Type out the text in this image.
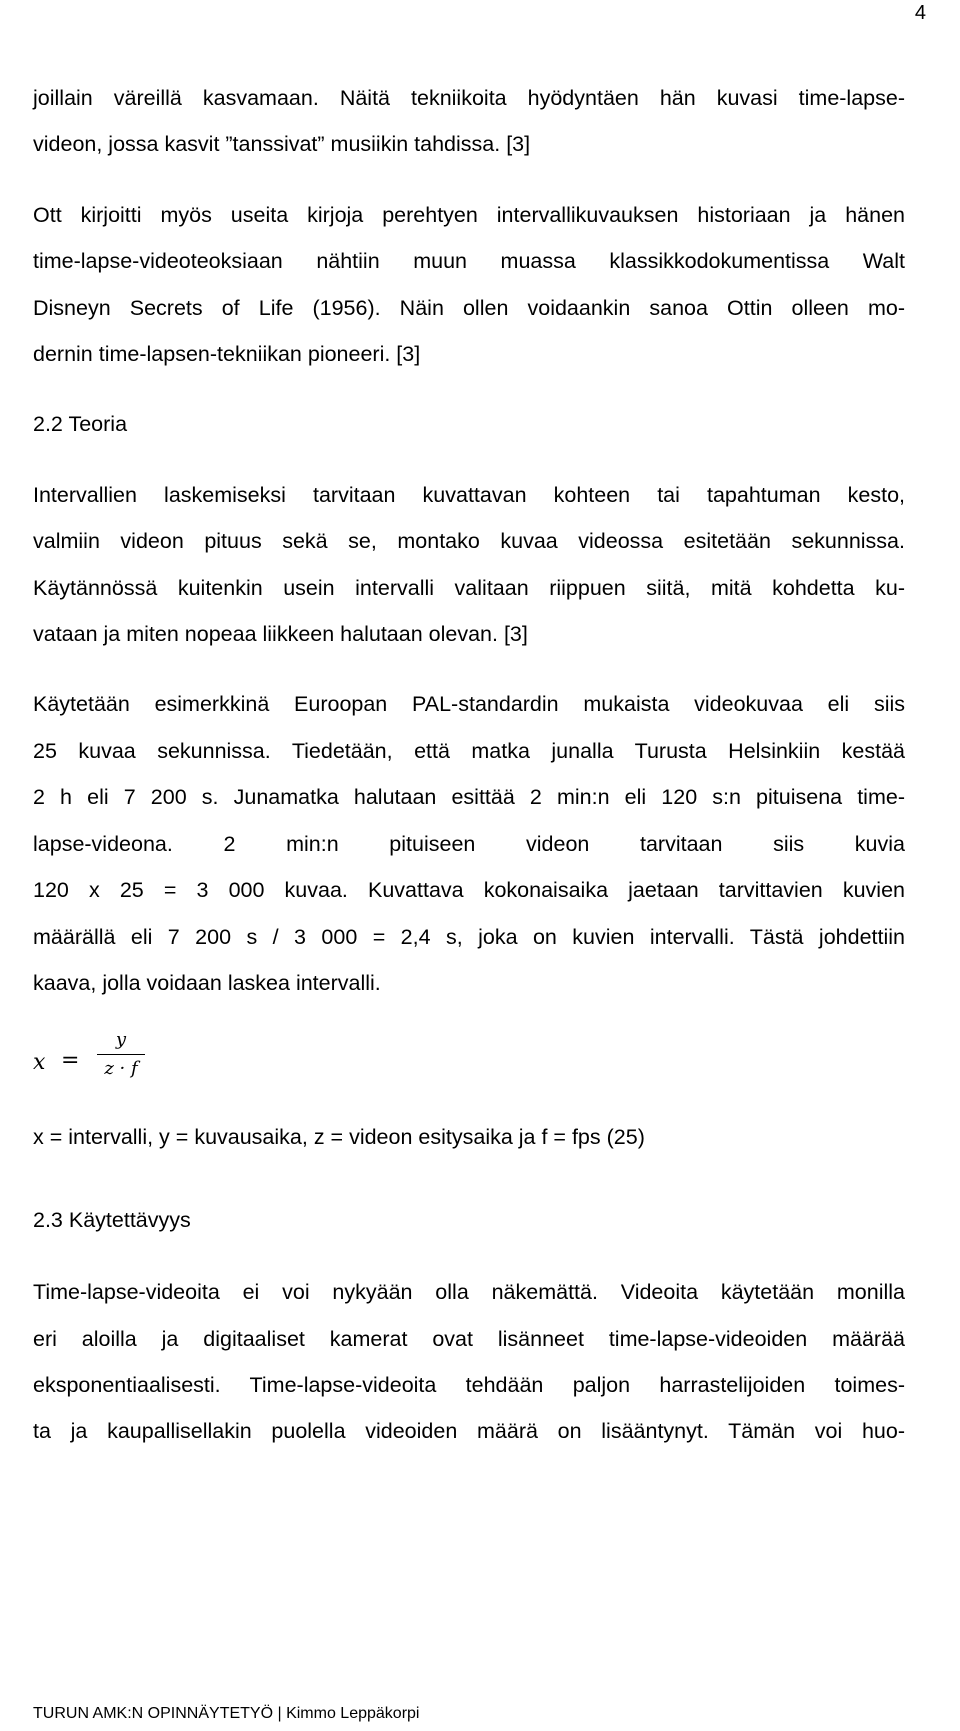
4
joillain väreillä kasvamaan. Näitä tekniikoita hyödyntäen hän kuvasi time-lapse-
videon, jossa kasvit ”tanssivat” musiikin tahdissa. [3]
Ott kirjoitti myös useita kirjoja perehtyen intervallikuvauksen historiaan ja hänen
time-lapse-videoteoksiaan nähtiin muun muassa klassikkodokumentissa Walt
Disneyn Secrets of Life (1956). Näin ollen voidaankin sanoa Ottin olleen mo-
dernin time-lapsen-tekniikan pioneeri. [3]
2.2 Teoria
Intervallien laskemiseksi tarvitaan kuvattavan kohteen tai tapahtuman kesto,
valmiin videon pituus sekä se, montako kuvaa videossa esitetään sekunnissa.
Käytännössä kuitenkin usein intervalli valitaan riippuen siitä, mitä kohdetta ku-
vataan ja miten nopeaa liikkeen halutaan olevan. [3]
Käytetään esimerkkinä Euroopan PAL-standardin mukaista videokuvaa eli siis
25 kuvaa sekunnissa. Tiedetään, että matka junalla Turusta Helsinkiin kestää
2 h eli 7 200 s. Junamatka halutaan esittää 2 min:n eli 120 s:n pituisena time-
lapse-videona. 2 min:n pituiseen videon tarvitaan siis kuvia
120 x 25 = 3 000 kuvaa. Kuvattava kokonaisaika jaetaan tarvittavien kuvien
määrällä eli 7 200 s / 3 000 = 2,4 s, joka on kuvien intervalli. Tästä johdettiin
kaava, jolla voidaan laskea intervalli.
x =
y
z · f
x = intervalli, y = kuvausaika, z = videon esitysaika ja f = fps (25)
2.3 Käytettävyys
Time-lapse-videoita ei voi nykyään olla näkemättä. Videoita käytetään monilla
eri aloilla ja digitaaliset kamerat ovat lisänneet time-lapse-videoiden määrää
eksponentiaalisesti. Time-lapse-videoita tehdään paljon harrastelijoiden toimes-
ta ja kaupallisellakin puolella videoiden määrä on lisääntynyt. Tämän voi huo-
TURUN AMK:N OPINNÄYTETYÖ | Kimmo Leppäkorpi
